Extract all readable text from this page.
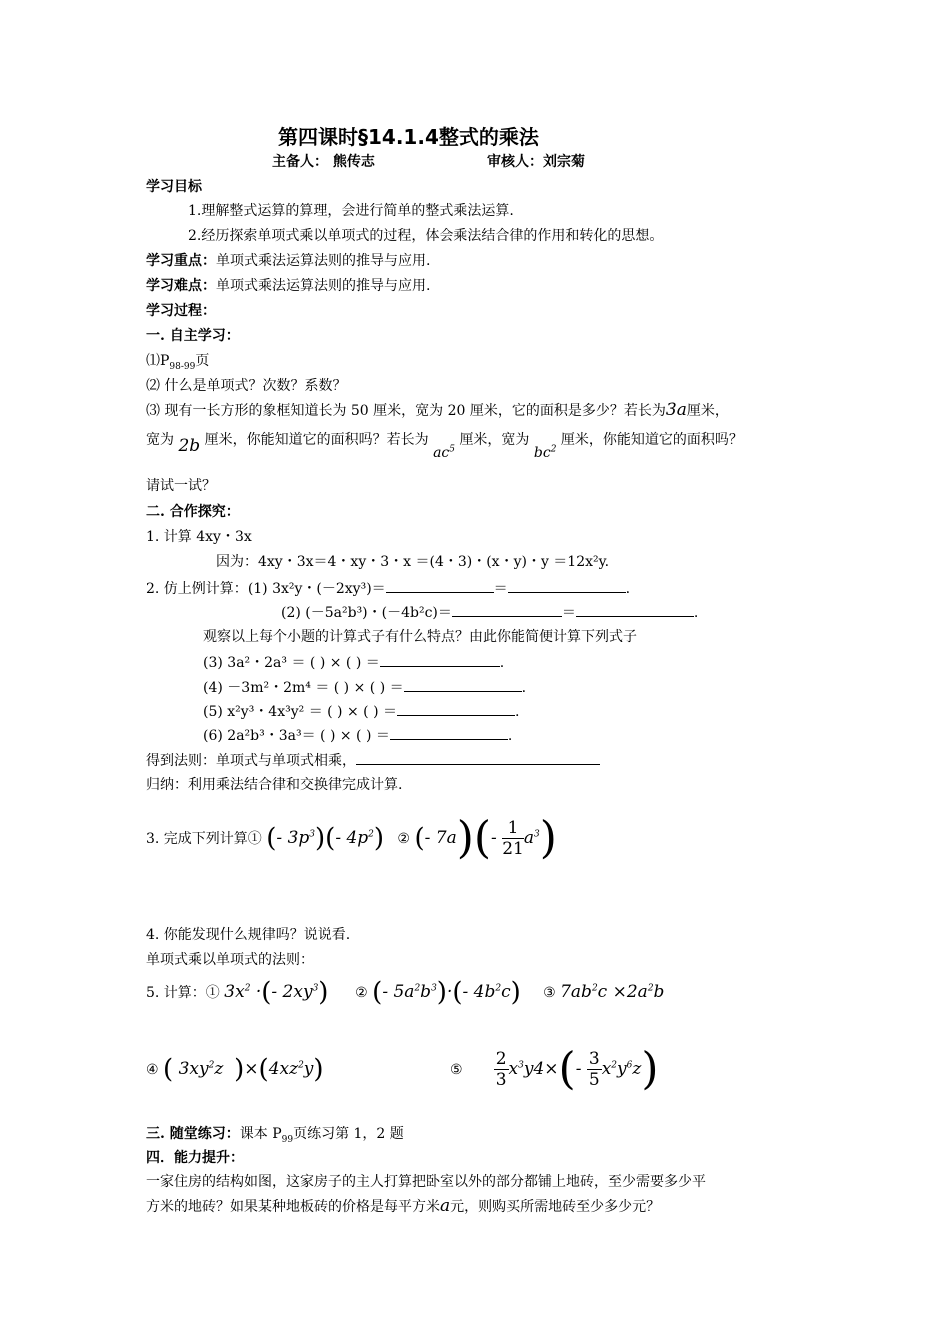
第四课时§14.1.4整式的乘法
主备人： 熊传志	审核人：刘宗菊
学习目标
1.理解整式运算的算理，会进行简单的整式乘法运算.
2.经历探索单项式乘以单项式的过程，体会乘法结合律的作用和转化的思想。
学习重点：单项式乘法运算法则的推导与应用.
学习难点：单项式乘法运算法则的推导与应用.
学习过程：
一. 自主学习：
$⑴P_{98-99}$页
⑵ 什么是单项式？次数？系数？
⑶ 现有一长方形的象框知道长为 50 厘米，宽为 20 厘米，它的面积是多少？若长为3a厘米，
宽为 2b 厘米，你能知道它的面积吗？若长为 $ac^5$ 厘米，宽为 $bc^2$ 厘米，你能知道它的面积吗？
请试一试？
二. 合作探究：
1. 计算 4xy・3x
因为：4xy・3x＝4・xy・3・x ＝(4・3)・(x・y)・y ＝12x²y.
2. 仿上例计算：(1) 3x²y・(－2xy³)＝	＝	.
(2) (－5a²b³)・(－4b²c)＝	＝	.
观察以上每个小题的计算式子有什么特点？由此你能简便计算下列式子
(3) 3a²・2a³ ＝ ( ) × ( ) ＝	.
(4) －3m²・2m⁴ ＝ ( ) × ( ) ＝	.
(5) x²y³・4x³y² ＝ ( ) × ( ) ＝	.
(6) 2a²b³・3a³＝ ( ) × ( ) ＝	.
得到法则：单项式与单项式相乘，
归纳：利用乘法结合律和交换律完成计算.
3. 完成下列计算① (- $3p^3)(-$ $4p^2$) ② (- $7a)(- \frac{1}{21} a^3)$
4. 你能发现什么规律吗？说说看.
单项式乘以单项式的法则：
5. 计算：① $3x^2$ ·(- $2xy^3$) ② (- $5a^2b^3)\cdot(-$ $4b^2c$) ③ $7ab^2c \times 2a^2b$
④ ( $3xy^2z$ )$\times(4xz^2y)$	⑤ $\frac{2}{3} x^3y4\times(- \frac{3}{5} x^2y^6z)$
三. 随堂练习：课本 $P_{99}$页练习第 1，2 题
四．能力提升：
一家住房的结构如图，这家房子的主人打算把卧室以外的部分都铺上地砖，至少需要多少平
方米的地砖？如果某种地板砖的价格是每平方米a元，则购买所需地砖至少多少元？
